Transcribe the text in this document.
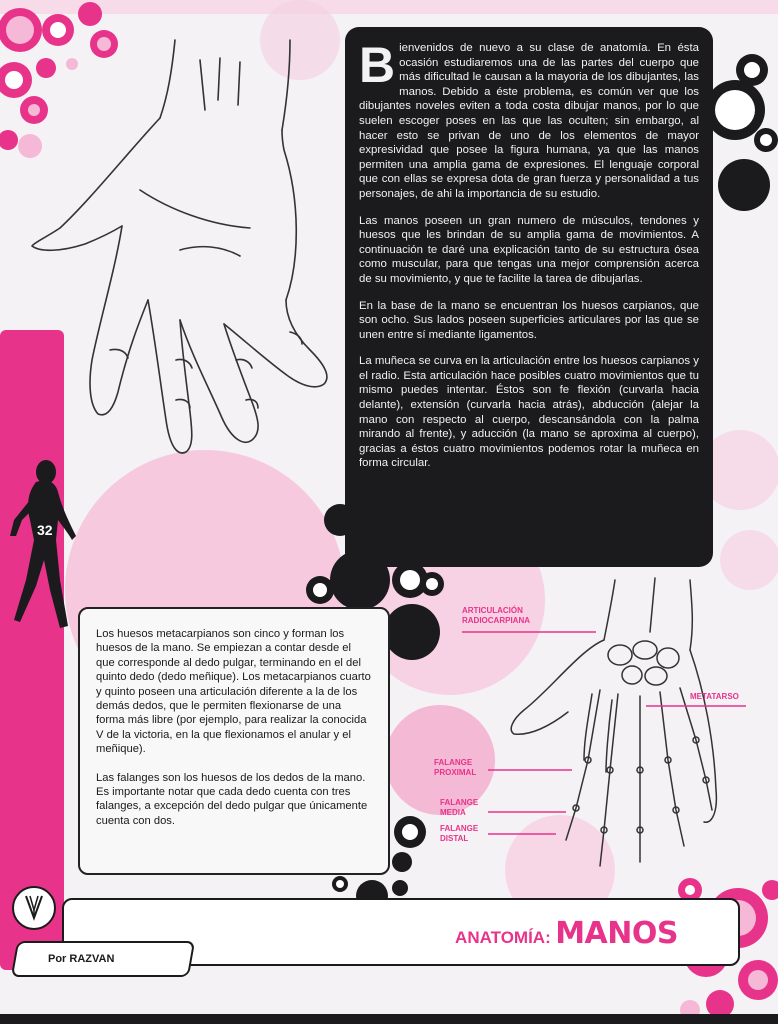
B ienvenidos de nuevo a su clase de anatomía. En ésta ocasión estudiaremos una de las partes del cuerpo que más dificultad le causan a la mayoria de los dibujantes, las manos. Debido a éste problema, es común ver que los dibujantes noveles eviten a toda costa dibujar manos, por lo que suelen escoger poses en las que las oculten; sin embargo, al hacer esto se privan de uno de los elementos de mayor expresividad que posee la figura humana, ya que las manos permiten una amplia gama de expresiones. El lenguaje corporal que con ellas se expresa dota de gran fuerza y personalidad a tus personajes, de ahi la importancia de su estudio.

Las manos poseen un gran numero de músculos, tendones y huesos que les brindan de su amplia gama de movimientos. A continuación te daré una explicación tanto de su estructura ósea como muscular, para que tengas una mejor comprensión acerca de su movimiento, y que te facilite la tarea de dibujarlas.

En la base de la mano se encuentran los huesos carpianos, que son ocho. Sus lados poseen superficies articulares por las que se unen entre sí mediante ligamentos.

La muñeca se curva en la articulación entre los huesos carpianos y el radio. Esta articulación hace posibles cuatro movimientos que tu mismo puedes intentar. Éstos son fe flexión (curvarla hacia delante), extensión (curvarla hacia atrás), abducción (alejar la mano con respecto al cuerpo, descansándola con la palma mirando al frente), y aducción (la mano se aproxima al cuerpo), gracias a éstos cuatro movimientos podemos rotar la muñeca en forma circular.

32

Los huesos metacarpianos son cinco y forman los huesos de la mano. Se empiezan a contar desde el que corresponde al dedo pulgar, terminando en el del quinto dedo (dedo meñique). Los metacarpianos cuarto y quinto poseen una articulación diferente a la de los demás dedos, que le permiten flexionarse de una forma más libre (por ejemplo, para realizar la conocida V de la victoria, en la que flexionamos el anular y el meñique).

Las falanges son los huesos de los dedos de la mano. Es importante notar que cada dedo cuenta con tres falanges, a excepción del dedo pulgar que únicamente cuenta con dos.

ARTICULACIÓN
RADIOCARPIANA
METATARSO
FALANGE
PROXIMAL
FALANGE
MEDIA
FALANGE
DISTAL
ANATOMÍA: MANOS
Por RAZVAN
